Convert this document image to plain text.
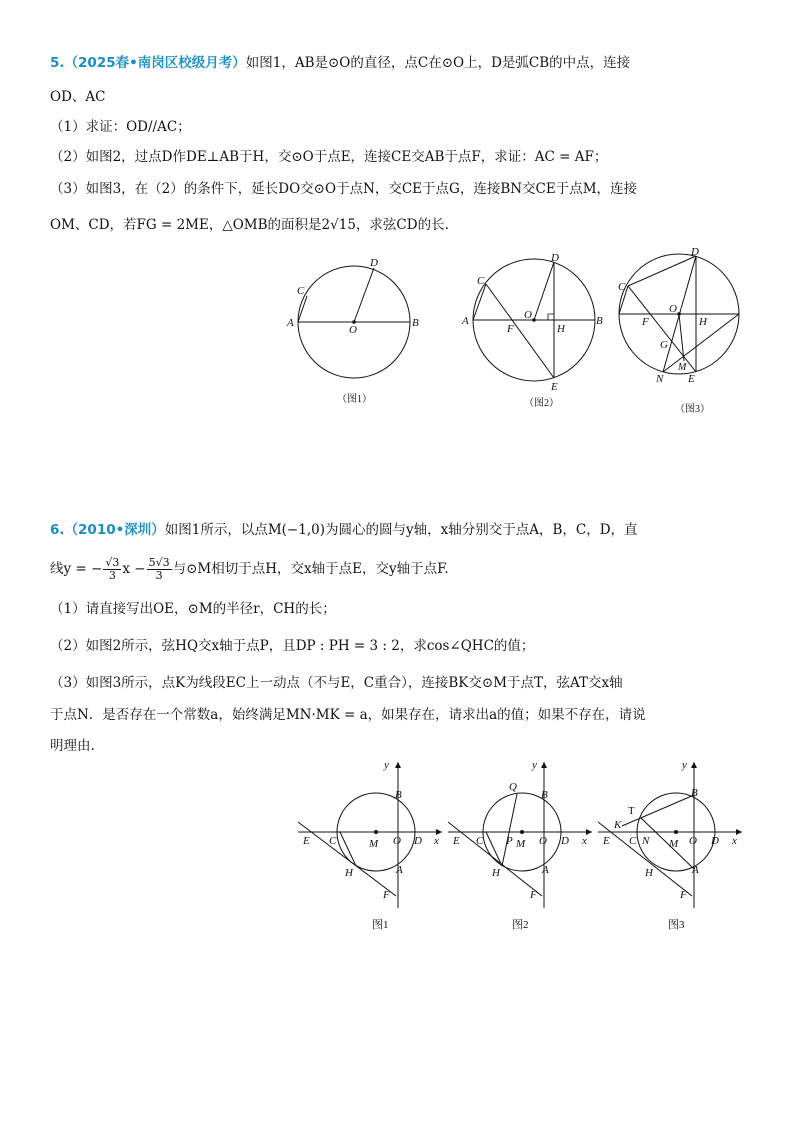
5.（2025春•南岗区校级月考）如图1，AB是⊙O的直径，点C在⊙O上，D是弧CB的中点，连接
OD、AC
（1）求证：OD//AC；
（2）如图2，过点D作DE⊥AB于H，交⊙O于点E，连接CE交AB于点F，求证：AC = AF；
（3）如图3，在（2）的条件下，延长DO交⊙O于点N，交CE于点G，连接BN交CE于点M，连接
OM、CD，若FG = 2ME，△OMB的面积是2√15，求弦CD的长.
A	B
C
D
O
（图1）
A	B
C
D
O
F	H
E
（图2）
C
D
O
F	H
G
N
M
E
（图3）
6.（2010•深圳）如图1所示，以点M(−1,0)为圆心的圆与y轴，x轴分别交于点A，B，C，D，直
线y = − $\frac{√3}{3}$ $x - \frac{5√3}{3}$ 与⊙M相切于点H，交x轴于点E，交y轴于点F.
（1）请直接写出OE，⊙M的半径r，CH的长；
（2）如图2所示，弦HQ交x轴于点P，且DP : PH = 3 : 2，求cos∠QHC的值；
（3）如图3所示，点K为线段EC上一动点（不与E，C重合），连接BK交⊙M于点T，弦AT交x轴
于点N．是否存在一个常数a，始终满足MN·MK = a，如果存在，请求出a的值；如果不存在，请说
明理由.
y
x
E C	M O D
B
A
H
F
图1
y
x
E C P M O D
Q
B
A
H
F
图2
y
x
T
K
E C N M O D
B
A
H
F
图3
